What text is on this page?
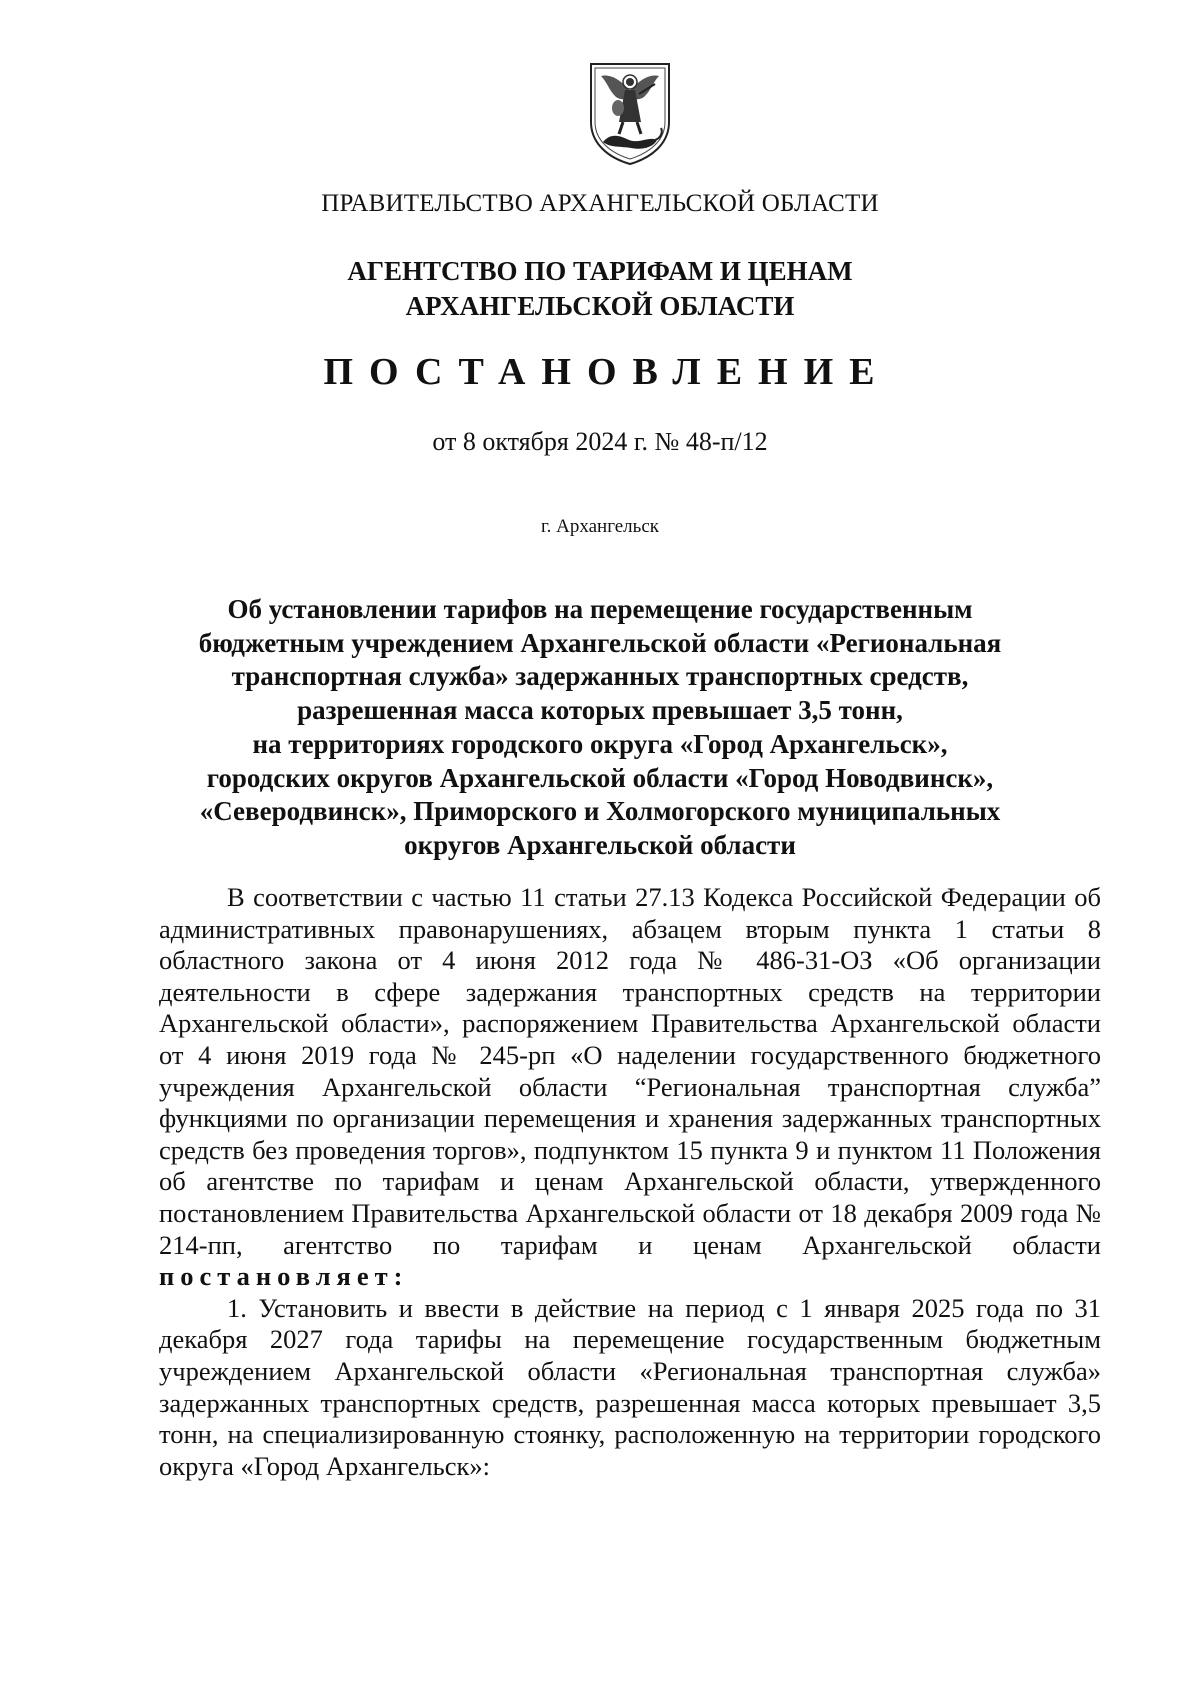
ПРАВИТЕЛЬСТВО АРХАНГЕЛЬСКОЙ ОБЛАСТИ
АГЕНТСТВО ПО ТАРИФАМ И ЦЕНАМ
АРХАНГЕЛЬСКОЙ ОБЛАСТИ
ПОСТАНОВЛЕНИЕ
от 8 октября 2024 г. № 48-п/12
г. Архангельск
Об установлении тарифов на перемещение государственным
бюджетным учреждением Архангельской области «Региональная
транспортная служба» задержанных транспортных средств,
разрешенная масса которых превышает 3,5 тонн,
на территориях городского округа «Город Архангельск»,
городских округов Архангельской области «Город Новодвинск»,
«Северодвинск», Приморского и Холмогорского муниципальных
округов Архангельской области

В соответствии с частью 11 статьи 27.13 Кодекса Российской Федерации об административных правонарушениях, абзацем вторым пункта 1 статьи 8 областного закона от 4 июня 2012 года № 486-31-ОЗ «Об организации деятельности в сфере задержания транспортных средств на территории Архангельской области», распоряжением Правительства Архангельской области от 4 июня 2019 года № 245-рп «О наделении государственного бюджетного учреждения Архангельской области “Региональная транспортная служба” функциями по организации перемещения и хранения задержанных транспортных средств без проведения торгов», подпунктом 15 пункта 9 и пунктом 11 Положения об агентстве по тарифам и ценам Архангельской области, утвержденного постановлением Правительства Архангельской области от 18 декабря 2009 года № 214-пп, агентство по тарифам и ценам Архангельской области постановляет:

1. Установить и ввести в действие на период с 1 января 2025 года по 31 декабря 2027 года тарифы на перемещение государственным бюджетным учреждением Архангельской области «Региональная транспортная служба» задержанных транспортных средств, разрешенная масса которых превышает 3,5 тонн, на специализированную стоянку, расположенную на территории городского округа «Город Архангельск»:
